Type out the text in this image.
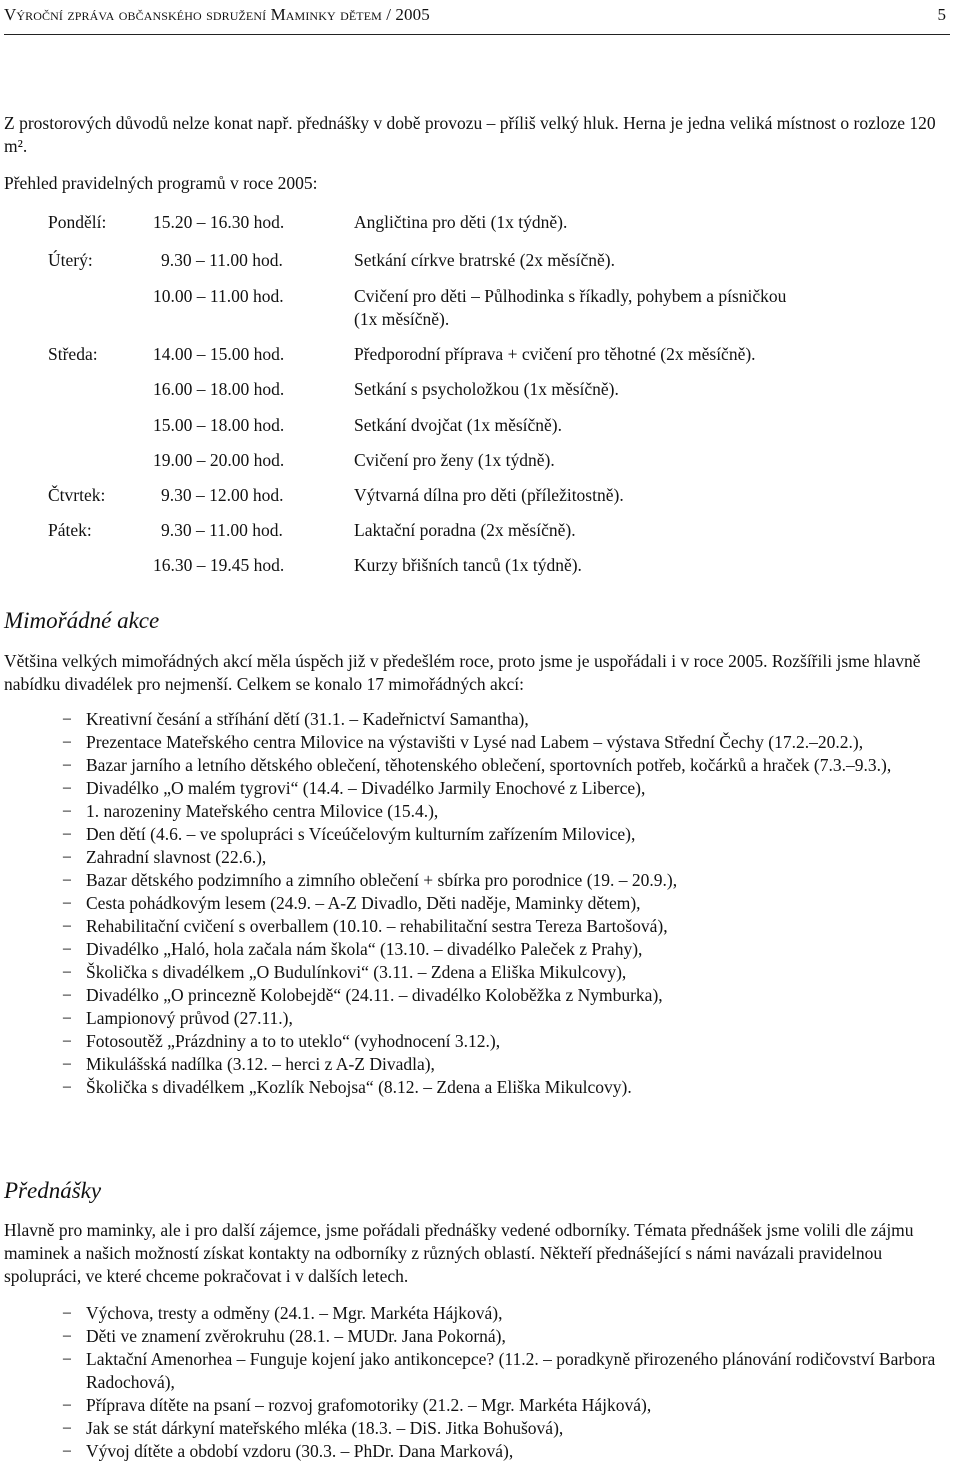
Výroční zpráva občanského sdružení Maminky dětem / 2005	5

Z prostorových důvodů nelze konat např. přednášky v době provozu – příliš velký hluk. Herna je jedna veliká místnost o rozloze 120 m².

Přehled pravidelných programů v roce 2005:

Pondělí:	15.20 – 16.30 hod.	Angličtina pro děti (1x týdně).
Úterý:	9.30 – 11.00 hod.	Setkání církve bratrské (2x měsíčně).
10.00 – 11.00 hod.	Cvičení pro děti – Půlhodinka s říkadly, pohybem a písničkou
(1x měsíčně).
Středa:	14.00 – 15.00 hod.	Předporodní příprava + cvičení pro těhotné (2x měsíčně).
16.00 – 18.00 hod.	Setkání s psycholožkou (1x měsíčně).
15.00 – 18.00 hod.	Setkání dvojčat (1x měsíčně).
19.00 – 20.00 hod.	Cvičení pro ženy (1x týdně).
Čtvrtek:	9.30 – 12.00 hod.	Výtvarná dílna pro děti (příležitostně).
Pátek:	9.30 – 11.00 hod.	Laktační poradna (2x měsíčně).
16.30 – 19.45 hod.	Kurzy břišních tanců (1x týdně).
Mimořádné akce

Většina velkých mimořádných akcí měla úspěch již v předešlém roce, proto jsme je uspořádali i v roce 2005. Rozšířili jsme hlavně nabídku divadélek pro nejmenší. Celkem se konalo 17 mimořádných akcí:

− Kreativní česání a stříhání dětí (31.1. – Kadeřnictví Samantha),
− Prezentace Mateřského centra Milovice na výstavišti v Lysé nad Labem – výstava Střední Čechy (17.2.–20.2.),
− Bazar jarního a letního dětského oblečení, těhotenského oblečení, sportovních potřeb, kočárků a hraček (7.3.–9.3.),
− Divadélko „O malém tygrovi“ (14.4. – Divadélko Jarmily Enochové z Liberce),
− 1. narozeniny Mateřského centra Milovice (15.4.),
− Den dětí (4.6. – ve spolupráci s Víceúčelovým kulturním zařízením Milovice),
− Zahradní slavnost (22.6.),
− Bazar dětského podzimního a zimního oblečení + sbírka pro porodnice (19. – 20.9.),
− Cesta pohádkovým lesem (24.9. – A-Z Divadlo, Děti naděje, Maminky dětem),
− Rehabilitační cvičení s overballem (10.10. – rehabilitační sestra Tereza Bartošová),
− Divadélko „Haló, hola začala nám škola“ (13.10. – divadélko Paleček z Prahy),
− Školička s divadélkem „O Budulínkovi“ (3.11. – Zdena a Eliška Mikulcovy),
− Divadélko „O princezně Kolobejdě“ (24.11. – divadélko Koloběžka z Nymburka),
− Lampionový průvod (27.11.),
− Fotosoutěž „Prázdniny a to to uteklo“ (vyhodnocení 3.12.),
− Mikulášská nadílka (3.12. – herci z A-Z Divadla),
− Školička s divadélkem „Kozlík Nebojsa“ (8.12. – Zdena a Eliška Mikulcovy).
Přednášky

Hlavně pro maminky, ale i pro další zájemce, jsme pořádali přednášky vedené odborníky. Témata přednášek jsme volili dle zájmu maminek a našich možností získat kontakty na odborníky z různých oblastí. Někteří přednášející s námi navázali pravidelnou spolupráci, ve které chceme pokračovat i v dalších letech.

− Výchova, tresty a odměny (24.1. – Mgr. Markéta Hájková),
− Děti ve znamení zvěrokruhu (28.1. – MUDr. Jana Pokorná),
− Laktační Amenorhea – Funguje kojení jako antikoncepce? (11.2. – poradkyně přirozeného plánování rodičovství Barbora Radochová),
− Příprava dítěte na psaní – rozvoj grafomotoriky (21.2. – Mgr. Markéta Hájková),
− Jak se stát dárkyní mateřského mléka (18.3. – DiS. Jitka Bohušová),
− Vývoj dítěte a období vzdoru (30.3. – PhDr. Dana Marková),
